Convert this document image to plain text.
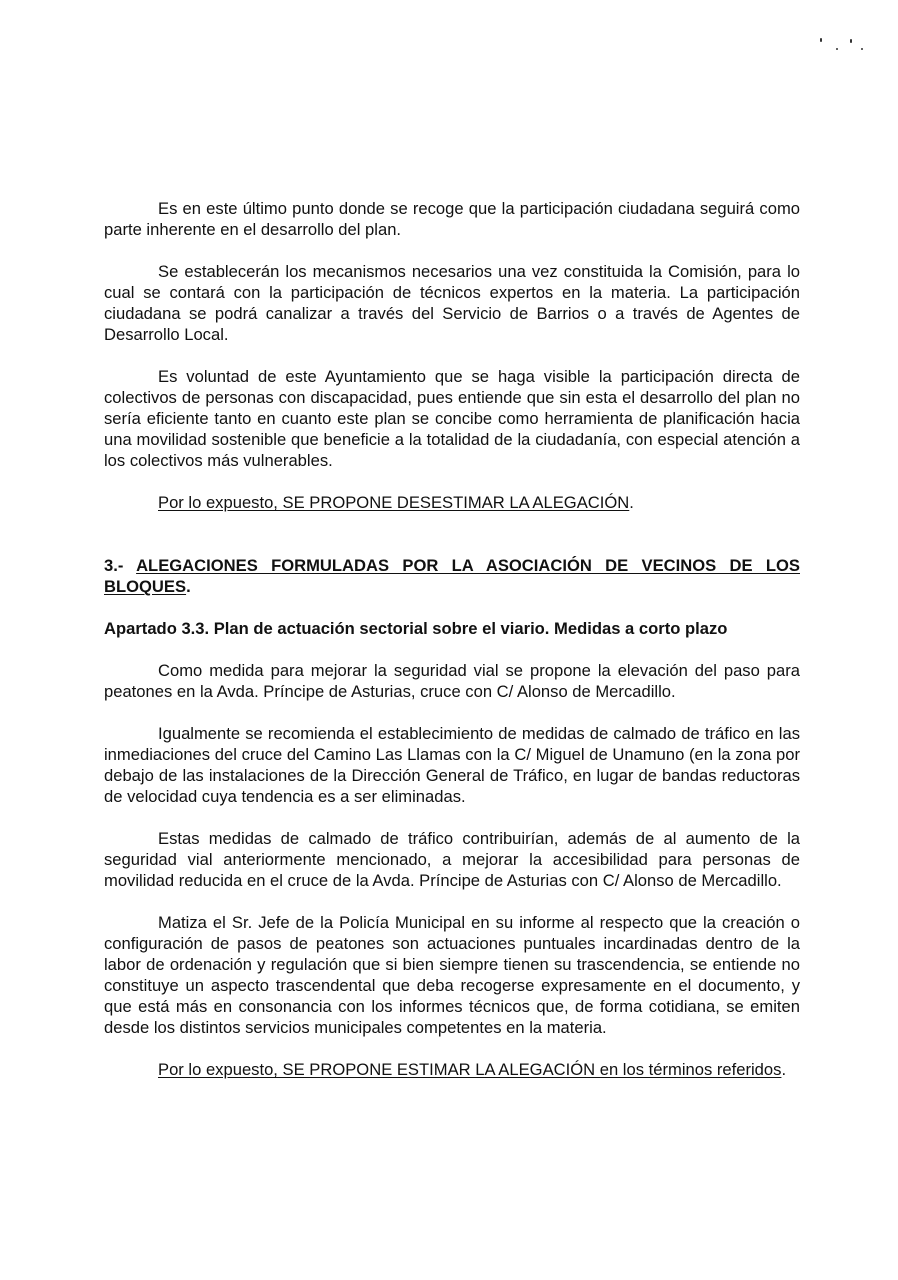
Es en este último punto donde se recoge que la participación ciudadana seguirá como parte inherente en el desarrollo del plan.

Se establecerán los mecanismos necesarios una vez constituida la Comisión, para lo cual se contará con la participación de técnicos expertos en la materia. La participación ciudadana se podrá canalizar a través del Servicio de Barrios o a través de Agentes de Desarrollo Local.

Es voluntad de este Ayuntamiento que se haga visible la participación directa de colectivos de personas con discapacidad, pues entiende que sin esta el desarrollo del plan no sería eficiente tanto en cuanto este plan se concibe como herramienta de planificación hacia una movilidad sostenible que beneficie a la totalidad de la ciudadanía, con especial atención a los colectivos más vulnerables.

Por lo expuesto, SE PROPONE DESESTIMAR LA ALEGACIÓN.

3.- ALEGACIONES FORMULADAS POR LA ASOCIACIÓN DE VECINOS DE LOS BLOQUES.

Apartado 3.3. Plan de actuación sectorial sobre el viario. Medidas a corto plazo

Como medida para mejorar la seguridad vial se propone la elevación del paso para peatones en la Avda. Príncipe de Asturias, cruce con C/ Alonso de Mercadillo.

Igualmente se recomienda el establecimiento de medidas de calmado de tráfico en las inmediaciones del cruce del Camino Las Llamas con la C/ Miguel de Unamuno (en la zona por debajo de las instalaciones de la Dirección General de Tráfico, en lugar de bandas reductoras de velocidad cuya tendencia es a ser eliminadas.

Estas medidas de calmado de tráfico contribuirían, además de al aumento de la seguridad vial anteriormente mencionado, a mejorar la accesibilidad para personas de movilidad reducida en el cruce de la Avda. Príncipe de Asturias con C/ Alonso de Mercadillo.

Matiza el Sr. Jefe de la Policía Municipal en su informe al respecto que la creación o configuración de pasos de peatones son actuaciones puntuales incardinadas dentro de la labor de ordenación y regulación que si bien siempre tienen su trascendencia, se entiende no constituye un aspecto trascendental que deba recogerse expresamente en el documento, y que está más en consonancia con los informes técnicos que, de forma cotidiana, se emiten desde los distintos servicios municipales competentes en la materia.

Por lo expuesto, SE PROPONE ESTIMAR LA ALEGACIÓN en los términos referidos.
